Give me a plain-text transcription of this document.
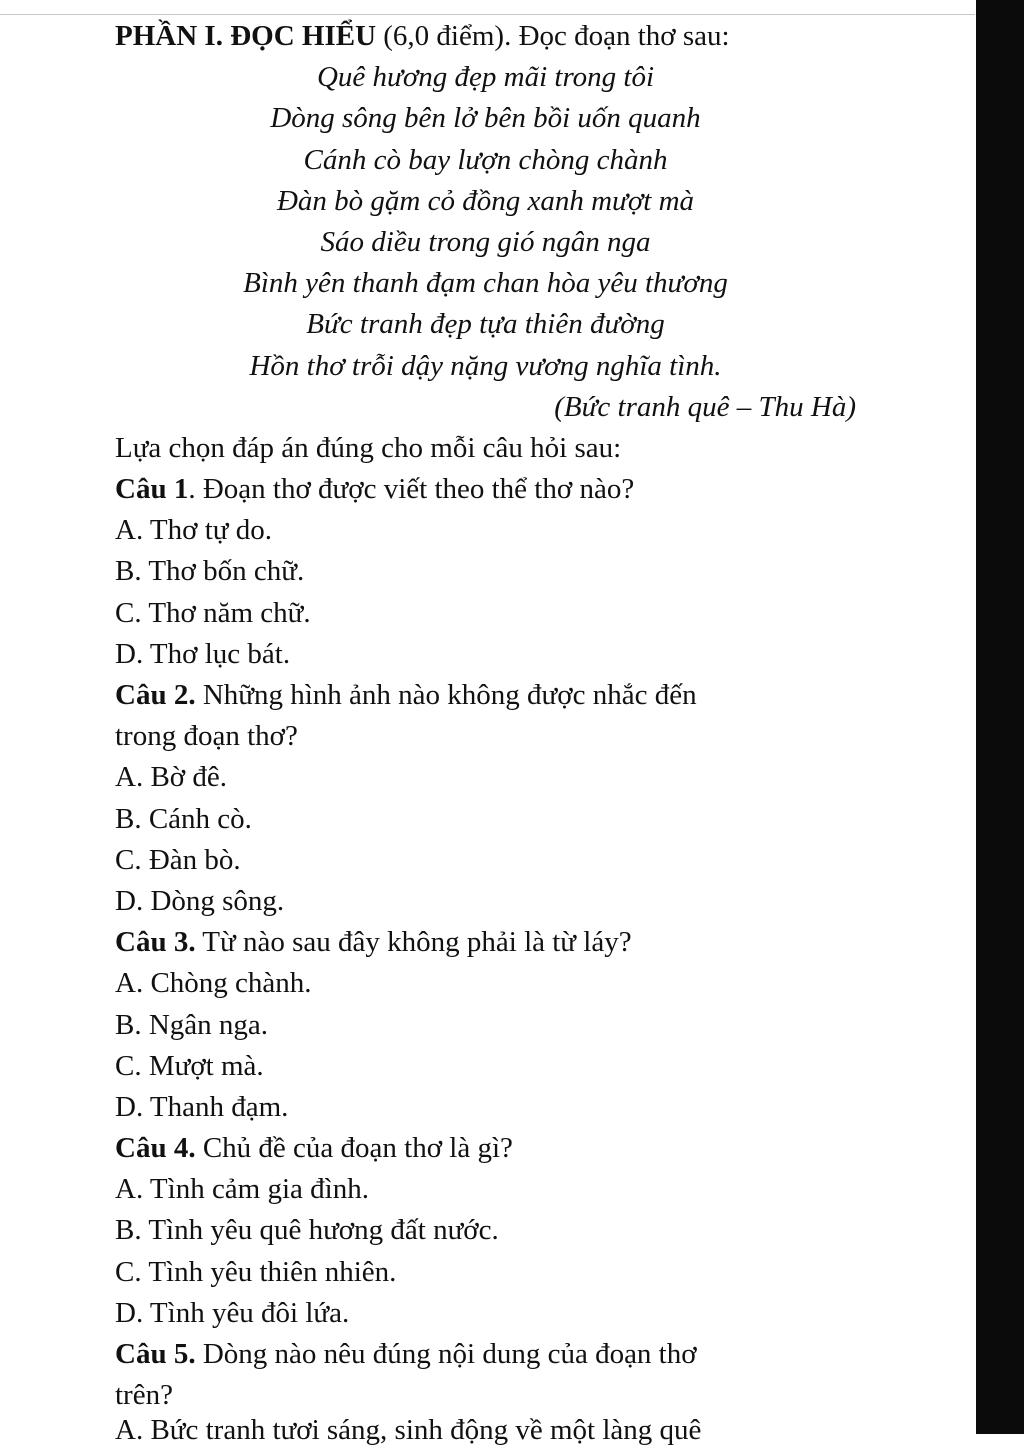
PHẦN I. ĐỌC HIỂU (6,0 điểm). Đọc đoạn thơ sau:
Quê hương đẹp mãi trong tôi
Dòng sông bên lở bên bồi uốn quanh
Cánh cò bay lượn chòng chành
Đàn bò gặm cỏ đồng xanh mượt mà
Sáo diều trong gió ngân nga
Bình yên thanh đạm chan hòa yêu thương
Bức tranh đẹp tựa thiên đường
Hồn thơ trỗi dậy nặng vương nghĩa tình.
(Bức tranh quê – Thu Hà)
Lựa chọn đáp án đúng cho mỗi câu hỏi sau:
Câu 1. Đoạn thơ được viết theo thể thơ nào?
A. Thơ tự do.
B. Thơ bốn chữ.
C. Thơ năm chữ.
D. Thơ lục bát.
Câu 2. Những hình ảnh nào không được nhắc đến
trong đoạn thơ?
A. Bờ đê.
B. Cánh cò.
C. Đàn bò.
D. Dòng sông.
Câu 3. Từ nào sau đây không phải là từ láy?
A. Chòng chành.
B. Ngân nga.
C. Mượt mà.
D. Thanh đạm.
Câu 4. Chủ đề của đoạn thơ là gì?
A. Tình cảm gia đình.
B. Tình yêu quê hương đất nước.
C. Tình yêu thiên nhiên.
D. Tình yêu đôi lứa.
Câu 5. Dòng nào nêu đúng nội dung của đoạn thơ
trên?
A. Bức tranh tươi sáng, sinh động về một làng quê
